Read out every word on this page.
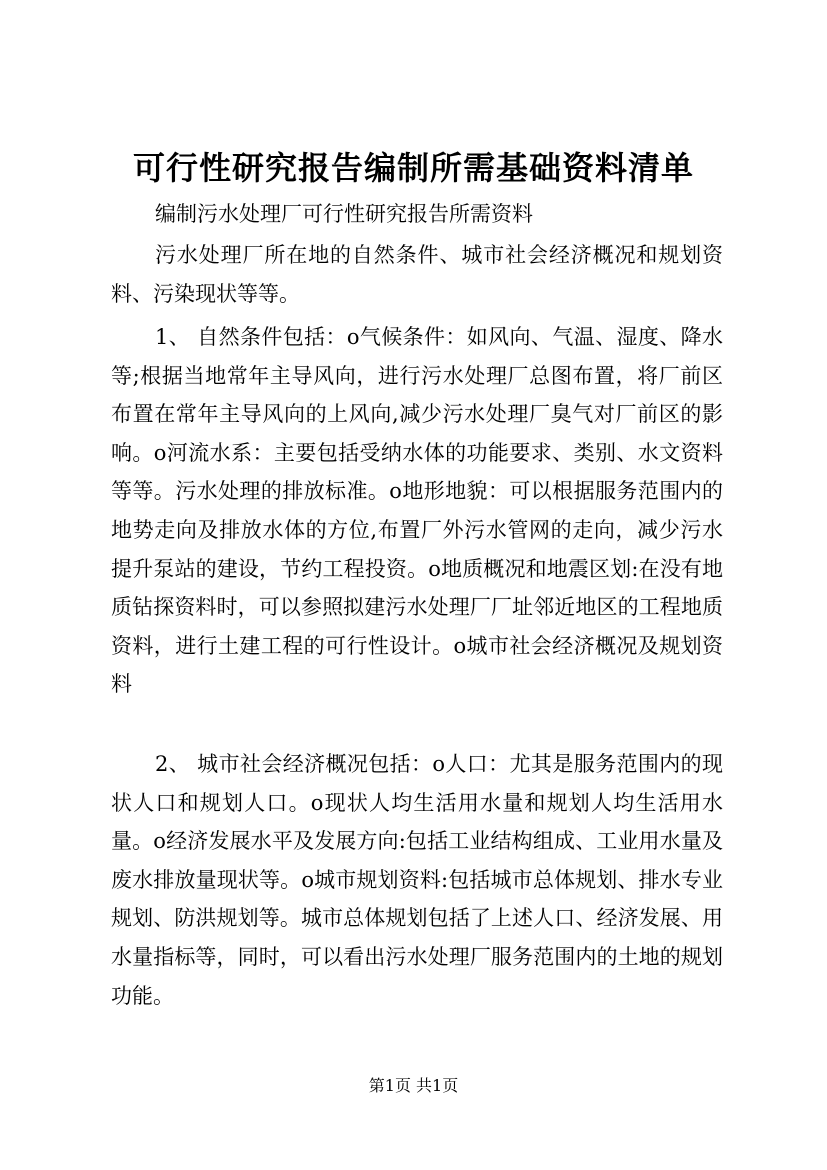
可行性研究报告编制所需基础资料清单
编制污水处理厂可行性研究报告所需资料
污水处理厂所在地的自然条件、城市社会经济概况和规划资料、污染现状等等。
1、 自然条件包括：o气候条件：如风向、气温、湿度、降水等;根据当地常年主导风向，进行污水处理厂总图布置，将厂前区布置在常年主导风向的上风向,减少污水处理厂臭气对厂前区的影响。o河流水系：主要包括受纳水体的功能要求、类别、水文资料等等。污水处理的排放标准。o地形地貌：可以根据服务范围内的地势走向及排放水体的方位,布置厂外污水管网的走向，减少污水提升泵站的建设，节约工程投资。o地质概况和地震区划:在没有地质钻探资料时，可以参照拟建污水处理厂厂址邻近地区的工程地质资料，进行土建工程的可行性设计。o城市社会经济概况及规划资料
2、 城市社会经济概况包括：o人口：尤其是服务范围内的现状人口和规划人口。o现状人均生活用水量和规划人均生活用水量。o经济发展水平及发展方向:包括工业结构组成、工业用水量及废水排放量现状等。o城市规划资料:包括城市总体规划、排水专业规划、防洪规划等。城市总体规划包括了上述人口、经济发展、用水量指标等，同时，可以看出污水处理厂服务范围内的土地的规划功能。
第1页 共1页
